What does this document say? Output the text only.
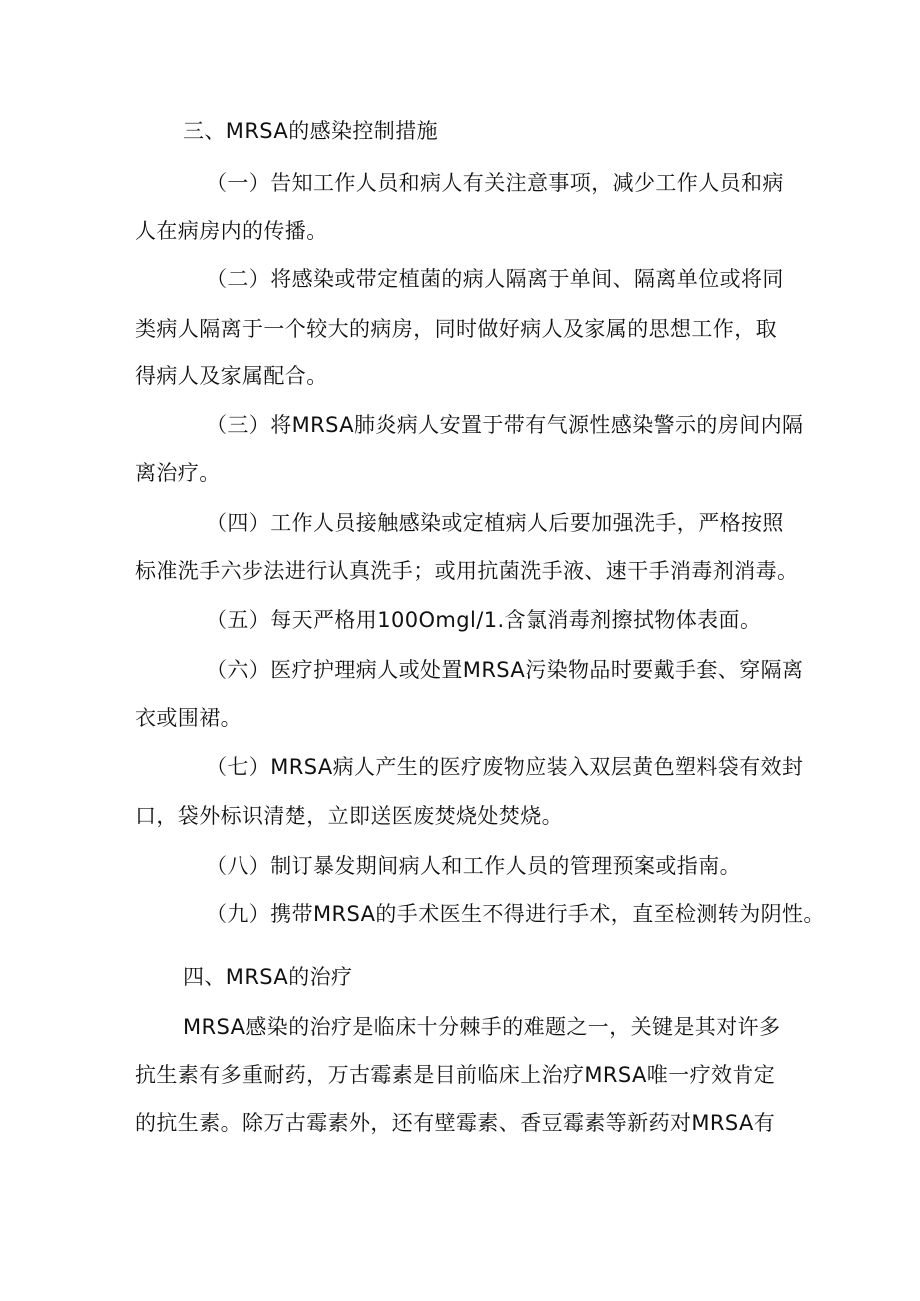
三、MRSA的感染控制措施
（一）告知工作人员和病人有关注意事项，减少工作人员和病
人在病房内的传播。
（二）将感染或带定植菌的病人隔离于单间、隔离单位或将同
类病人隔离于一个较大的病房，同时做好病人及家属的思想工作，取
得病人及家属配合。
（三）将MRSA肺炎病人安置于带有气源性感染警示的房间内隔
离治疗。
（四）工作人员接触感染或定植病人后要加强洗手，严格按照
标准洗手六步法进行认真洗手；或用抗菌洗手液、速干手消毒剂消毒。
（五）每天严格用100Omgl/1.含氯消毒剂擦拭物体表面。
（六）医疗护理病人或处置MRSA污染物品时要戴手套、穿隔离
衣或围裙。
（七）MRSA病人产生的医疗废物应装入双层黄色塑料袋有效封
口，袋外标识清楚，立即送医废焚烧处焚烧。
（八）制订暴发期间病人和工作人员的管理预案或指南。
（九）携带MRSA的手术医生不得进行手术，直至检测转为阴性。
四、MRSA的治疗
MRSA感染的治疗是临床十分棘手的难题之一，关键是其对许多
抗生素有多重耐药，万古霉素是目前临床上治疗MRSA唯一疗效肯定
的抗生素。除万古霉素外，还有壁霉素、香豆霉素等新药对MRSA有
